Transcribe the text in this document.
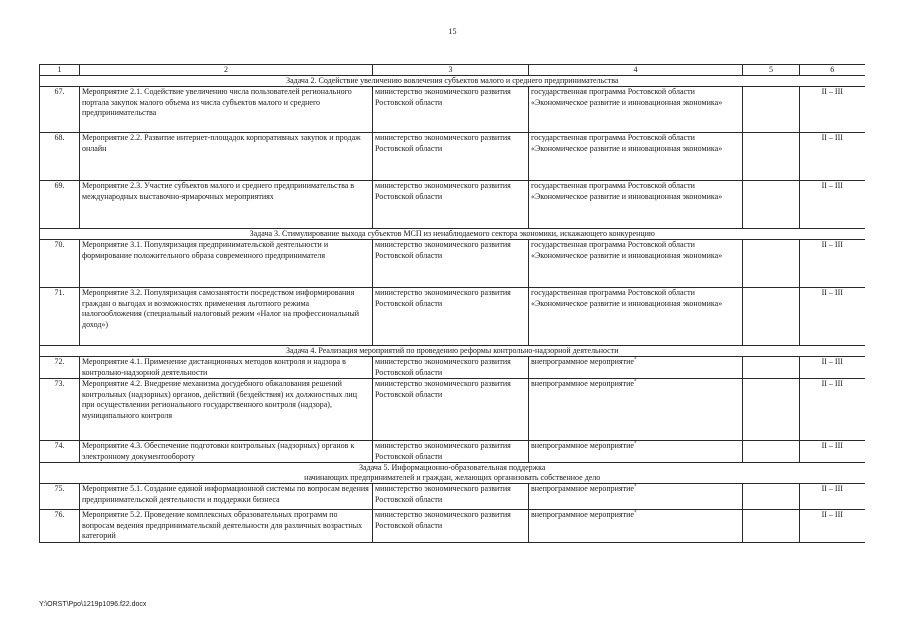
15
1	2	3	4	5	6

Задача 2. Содействие увеличению вовлечения субъектов малого и среднего предпринимательства					

67.	Мероприятие 2.1. Содействие увеличению числа пользователей регионального портала закупок малого объема из числа субъектов малого и среднего предпринимательства	министерство экономического развития Ростовской области	государственная программа Ростовской области «Экономическое развитие и инновационная экономика»		II – III
68.	Мероприятие 2.2. Развитие интернет-площадок корпоративных закупок и продаж онлайн	министерство экономического развития Ростовской области	государственная программа Ростовской области «Экономическое развитие и инновационная экономика»		II – III
69.	Мероприятие 2.3. Участие субъектов малого и среднего предпринимательства в международных выставочно-ярмарочных мероприятиях	министерство экономического развития Ростовской области	государственная программа Ростовской области «Экономическое развитие и инновационная экономика»		II – III

Задача 3. Стимулирование выхода субъектов МСП из ненаблюдаемого сектора экономики, искажающего конкуренцию					

70.	Мероприятие 3.1. Популяризация предпринимательской деятельности и формирование положительного образа современного предпринимателя	министерство экономического развития Ростовской области	государственная программа Ростовской области «Экономическое развитие и инновационная экономика»		II – III
71.	Мероприятие 3.2. Популяризация самозанятости посредством информирования граждан о выгодах и возможностях применения льготного режима налогообложения (специальный налоговый режим «Налог на профессиональный доход»)	министерство экономического развития Ростовской области	государственная программа Ростовской области «Экономическое развитие и инновационная экономика»		II – III

Задача 4. Реализация мероприятий по проведению реформы контрольно-надзорной деятельности					

72.	Мероприятие 4.1. Применение дистанционных методов контроля и надзора в контрольно-надзорной деятельности	министерство экономического развития Ростовской области	внепрограммное мероприятие*		II – III
73.	Мероприятие 4.2. Внедрение механизма досудебного обжалования решений контрольных (надзорных) органов, действий (бездействия) их должностных лиц при осуществлении регионального государственного контроля (надзора), муниципального контроля	министерство экономического развития Ростовской области	внепрограммное мероприятие*		II – III
74.	Мероприятие 4.3. Обеспечение подготовки контрольных (надзорных) органов к электронному документообороту	министерство экономического развития Ростовской области	внепрограммное мероприятие*		II – III

Задача 5. Информационно-образовательная поддержка
начинающих предпринимателей и граждан, желающих организовать собственное дело					

75.	Мероприятие 5.1. Создание единой информационной системы по вопросам ведения предпринимательской деятельности и поддержки бизнеса	министерство экономического развития Ростовской области	внепрограммное мероприятие*		II – III
76.	Мероприятие 5.2. Проведение комплексных образовательных программ по вопросам ведения предпринимательской деятельности для различных возрастных категорий	министерство экономического развития Ростовской области	внепрограммное мероприятие*		II – III
Y:\ORST\Ppo\1219p1096.f22.docx
